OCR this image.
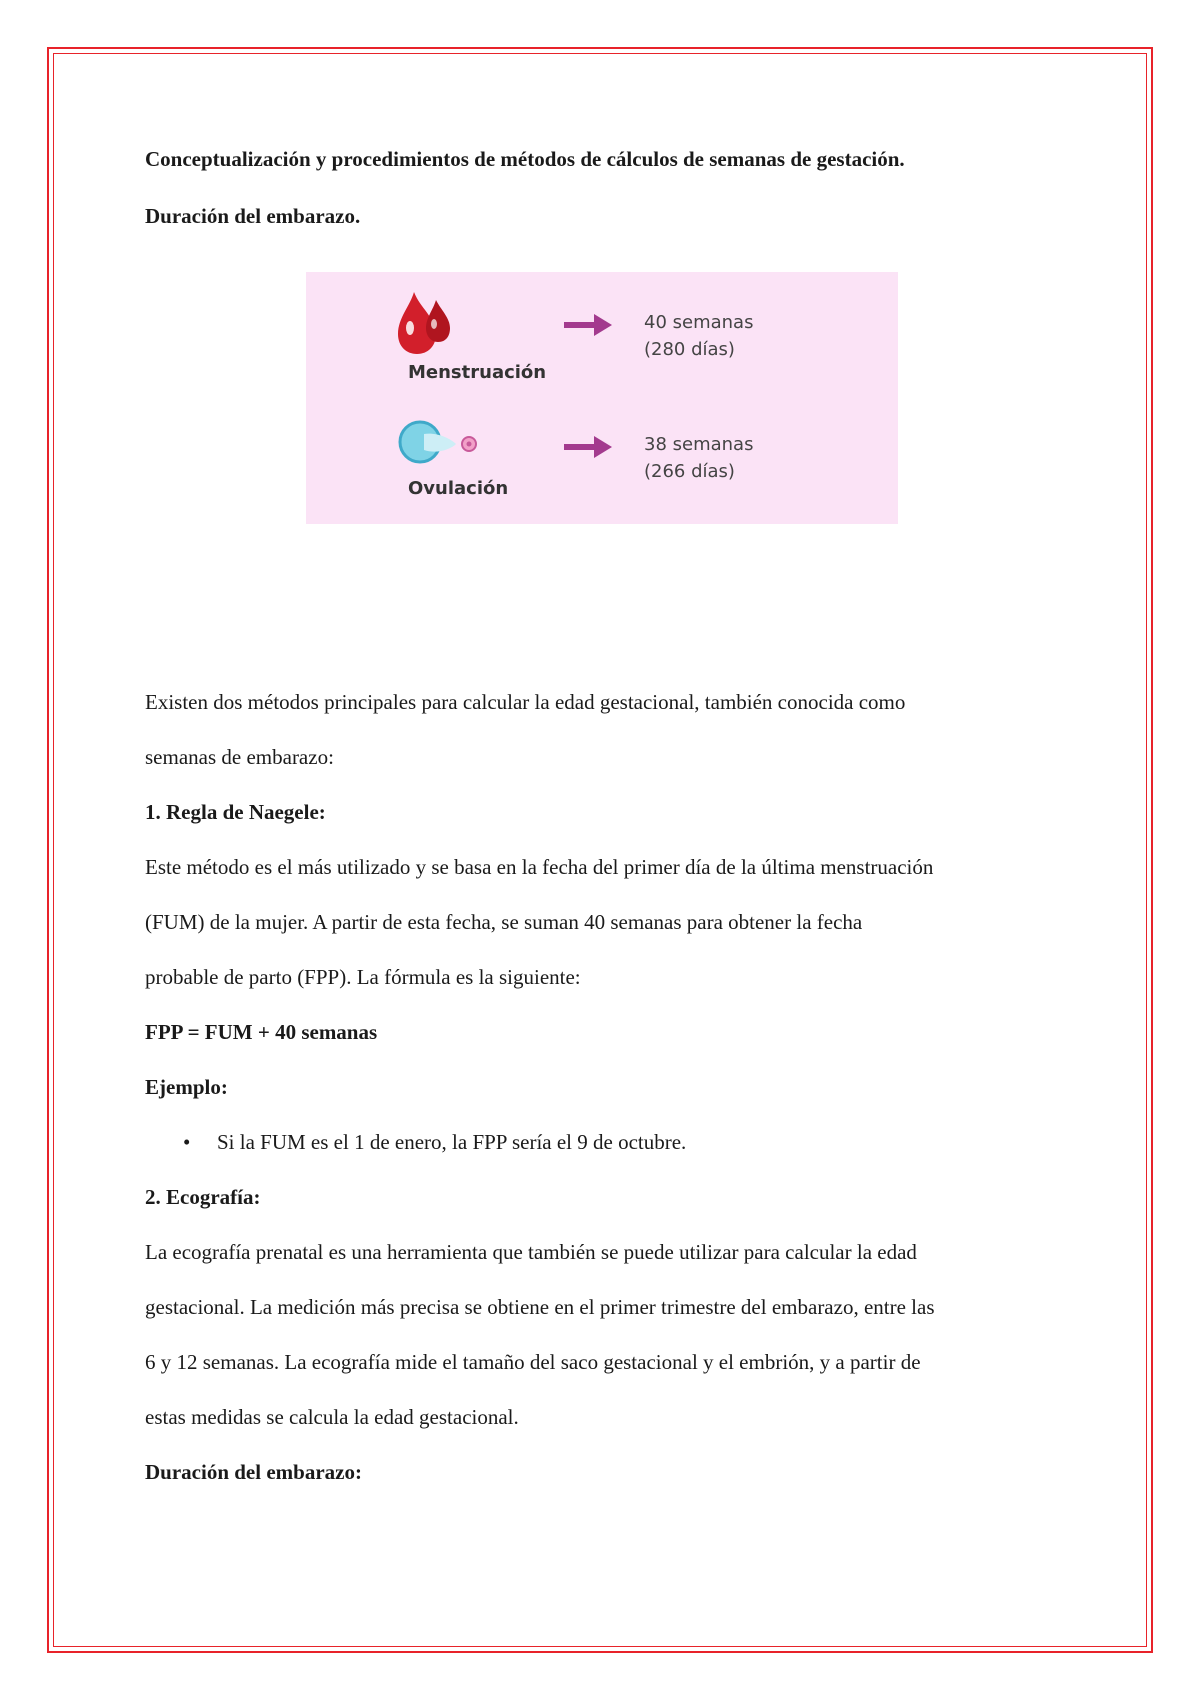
Conceptualización y procedimientos de métodos de cálculos de semanas de gestación.
Duración del embarazo.
Existen dos métodos principales para calcular la edad gestacional, también conocida como
semanas de embarazo:
1. Regla de Naegele:
Este método es el más utilizado y se basa en la fecha del primer día de la última menstruación
(FUM) de la mujer. A partir de esta fecha, se suman 40 semanas para obtener la fecha
probable de parto (FPP). La fórmula es la siguiente:
FPP = FUM + 40 semanas
Ejemplo:
• Si la FUM es el 1 de enero, la FPP sería el 9 de octubre.
2. Ecografía:
La ecografía prenatal es una herramienta que también se puede utilizar para calcular la edad
gestacional. La medición más precisa se obtiene en el primer trimestre del embarazo, entre las
6 y 12 semanas. La ecografía mide el tamaño del saco gestacional y el embrión, y a partir de
estas medidas se calcula la edad gestacional.
Duración del embarazo:
Menstruación
40 semanas
(280 días)
Ovulación
38 semanas
(266 días)
